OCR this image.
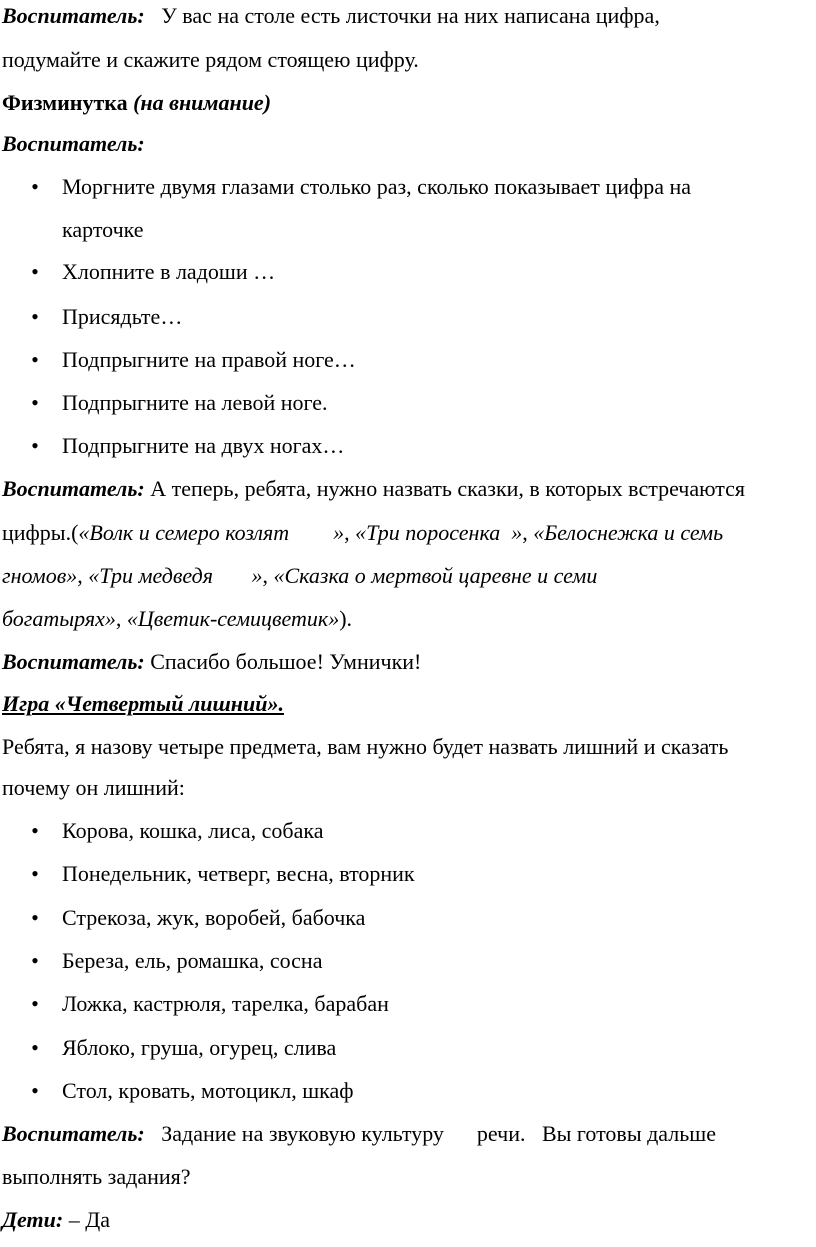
Воспитатель: У вас на столе есть листочки на них написана цифра,
подумайте и скажите рядом стоящею цифру.
Физминутка (на внимание)
Воспитатель:
• Моргните двумя глазами столько раз, сколько показывает цифра на
карточке
• Хлопните в ладоши …
• Присядьте…
• Подпрыгните на правой ноге…
• Подпрыгните на левой ноге.
• Подпрыгните на двух ногах…
Воспитатель: А теперь, ребята, нужно назвать сказки, в которых встречаются
цифры.(«Волк и семеро козлят », «Три поросенка », «Белоснежка и семь
гномов», «Три медведя », «Сказка о мертвой царевне и семи
богатырях», «Цветик-семицветик»).
Воспитатель: Спасибо большое! Умнички!
Игра «Четвертый лишний».
Ребята, я назову четыре предмета, вам нужно будет назвать лишний и сказать
почему он лишний:
• Корова, кошка, лиса, собака
• Понедельник, четверг, весна, вторник
• Стрекоза, жук, воробей, бабочка
• Береза, ель, ромашка, сосна
• Ложка, кастрюля, тарелка, барабан
• Яблоко, груша, огурец, слива
• Стол, кровать, мотоцикл, шкаф
Воспитатель: Задание на звуковую культуру      речи.   Вы готовы дальше
выполнять задания?
Дети: – Да
